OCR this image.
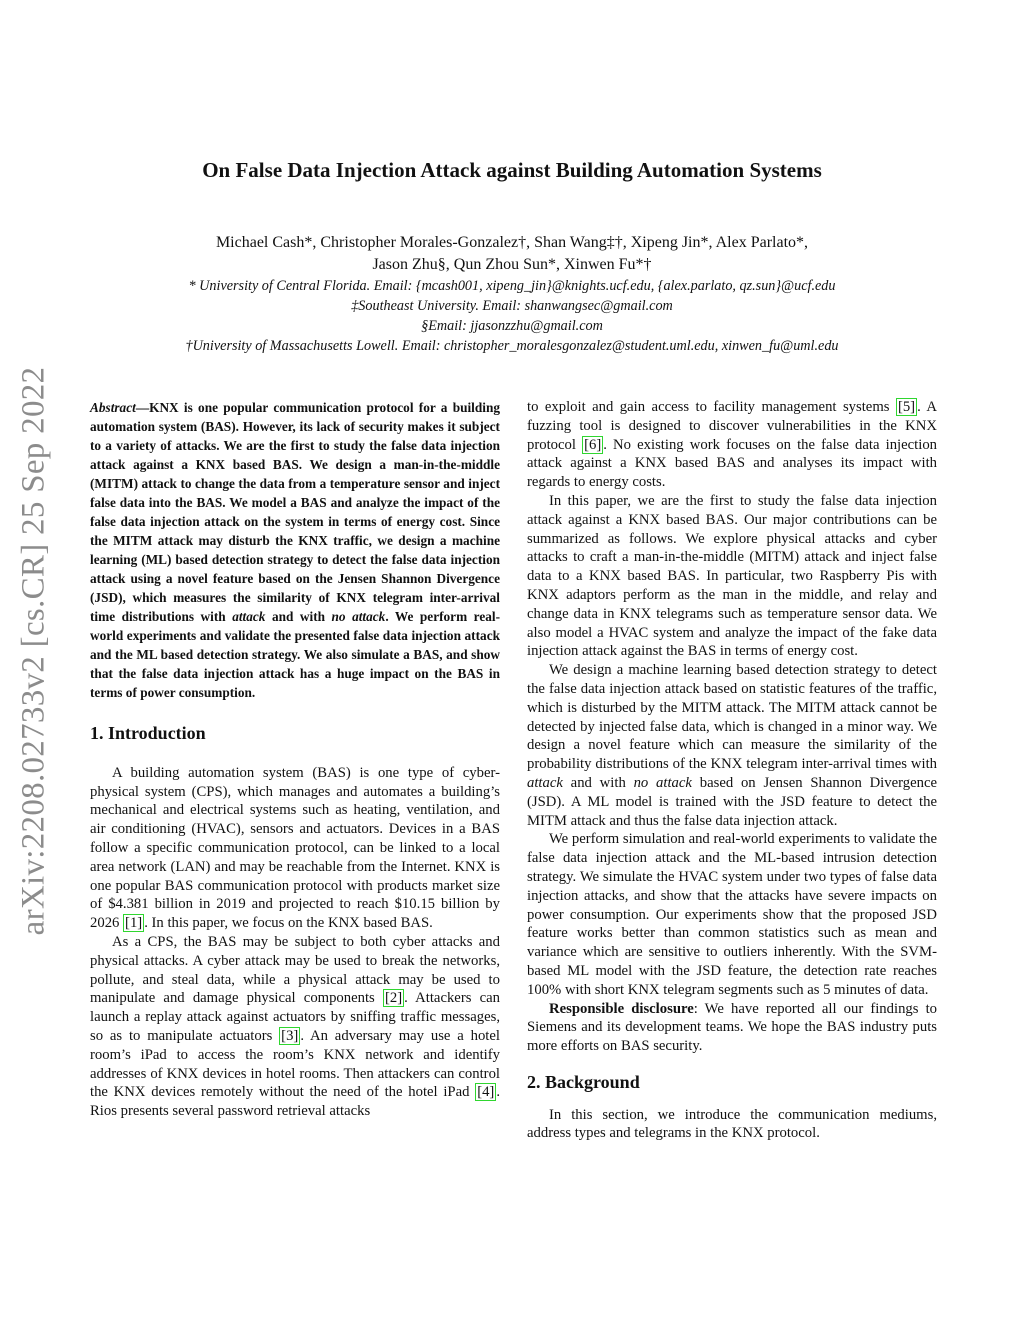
arXiv:2208.02733v2 [cs.CR] 25 Sep 2022
On False Data Injection Attack against Building Automation Systems
Michael Cash*, Christopher Morales-Gonzalez†, Shan Wang‡†, Xipeng Jin*, Alex Parlato*,
Jason Zhu§, Qun Zhou Sun*, Xinwen Fu*†
* University of Central Florida. Email: {mcash001, xipeng_jin}@knights.ucf.edu, {alex.parlato, qz.sun}@ucf.edu
‡Southeast University. Email: shanwangsec@gmail.com
§Email: jjasonzzhu@gmail.com
†University of Massachusetts Lowell. Email: christopher_moralesgonzalez@student.uml.edu, xinwen_fu@uml.edu

Abstract—KNX is one popular communication protocol for a building automation system (BAS). However, its lack of security makes it subject to a variety of attacks. We are the first to study the false data injection attack against a KNX based BAS. We design a man-in-the-middle (MITM) attack to change the data from a temperature sensor and inject false data into the BAS. We model a BAS and analyze the impact of the false data injection attack on the system in terms of energy cost. Since the MITM attack may disturb the KNX traffic, we design a machine learning (ML) based detection strategy to detect the false data injection attack using a novel feature based on the Jensen Shannon Divergence (JSD), which measures the similarity of KNX telegram inter-arrival time distributions with attack and with no attack. We perform real-world experiments and validate the presented false data injection attack and the ML based detection strategy. We also simulate a BAS, and show that the false data injection attack has a huge impact on the BAS in terms of power consumption.

1. Introduction

A building automation system (BAS) is one type of cyber-physical system (CPS), which manages and automates a building’s mechanical and electrical systems such as heating, ventilation, and air conditioning (HVAC), sensors and actuators. Devices in a BAS follow a specific communication protocol, can be linked to a local area network (LAN) and may be reachable from the Internet. KNX is one popular BAS communication protocol with products market size of $4.381 billion in 2019 and projected to reach $10.15 billion by 2026 [1] . In this paper, we focus on the KNX based BAS.

As a CPS, the BAS may be subject to both cyber attacks and physical attacks. A cyber attack may be used to break the networks, pollute, and steal data, while a physical attack may be used to manipulate and damage physical components [2] . Attackers can launch a replay attack against actuators by sniffing traffic messages, so as to manipulate actuators [3] . An adversary may use a hotel room’s iPad to access the room’s KNX network and identify addresses of KNX devices in hotel rooms. Then attackers can control the KNX devices remotely without the need of the hotel iPad [4] . Rios presents several password retrieval attacks

to exploit and gain access to facility management systems [5] . A fuzzing tool is designed to discover vulnerabilities in the KNX protocol [6] . No existing work focuses on the false data injection attack against a KNX based BAS and analyses its impact with regards to energy costs.

In this paper, we are the first to study the false data injection attack against a KNX based BAS. Our major contributions can be summarized as follows. We explore physical attacks and cyber attacks to craft a man-in-the-middle (MITM) attack and inject false data to a KNX based BAS. In particular, two Raspberry Pis with KNX adaptors perform as the man in the middle, and relay and change data in KNX telegrams such as temperature sensor data. We also model a HVAC system and analyze the impact of the fake data injection attack against the BAS in terms of energy cost.

We design a machine learning based detection strategy to detect the false data injection attack based on statistic features of the traffic, which is disturbed by the MITM attack. The MITM attack cannot be detected by injected false data, which is changed in a minor way. We design a novel feature which can measure the similarity of the probability distributions of the KNX telegram inter-arrival times with attack and with no attack based on Jensen Shannon Divergence (JSD). A ML model is trained with the JSD feature to detect the MITM attack and thus the false data injection attack.

We perform simulation and real-world experiments to validate the false data injection attack and the ML-based intrusion detection strategy. We simulate the HVAC system under two types of false data injection attacks, and show that the attacks have severe impacts on power consumption. Our experiments show that the proposed JSD feature works better than common statistics such as mean and variance which are sensitive to outliers inherently. With the SVM-based ML model with the JSD feature, the detection rate reaches 100% with short KNX telegram segments such as 5 minutes of data.

Responsible disclosure: We have reported all our findings to Siemens and its development teams. We hope the BAS industry puts more efforts on BAS security.

2. Background

In this section, we introduce the communication mediums, address types and telegrams in the KNX protocol.
